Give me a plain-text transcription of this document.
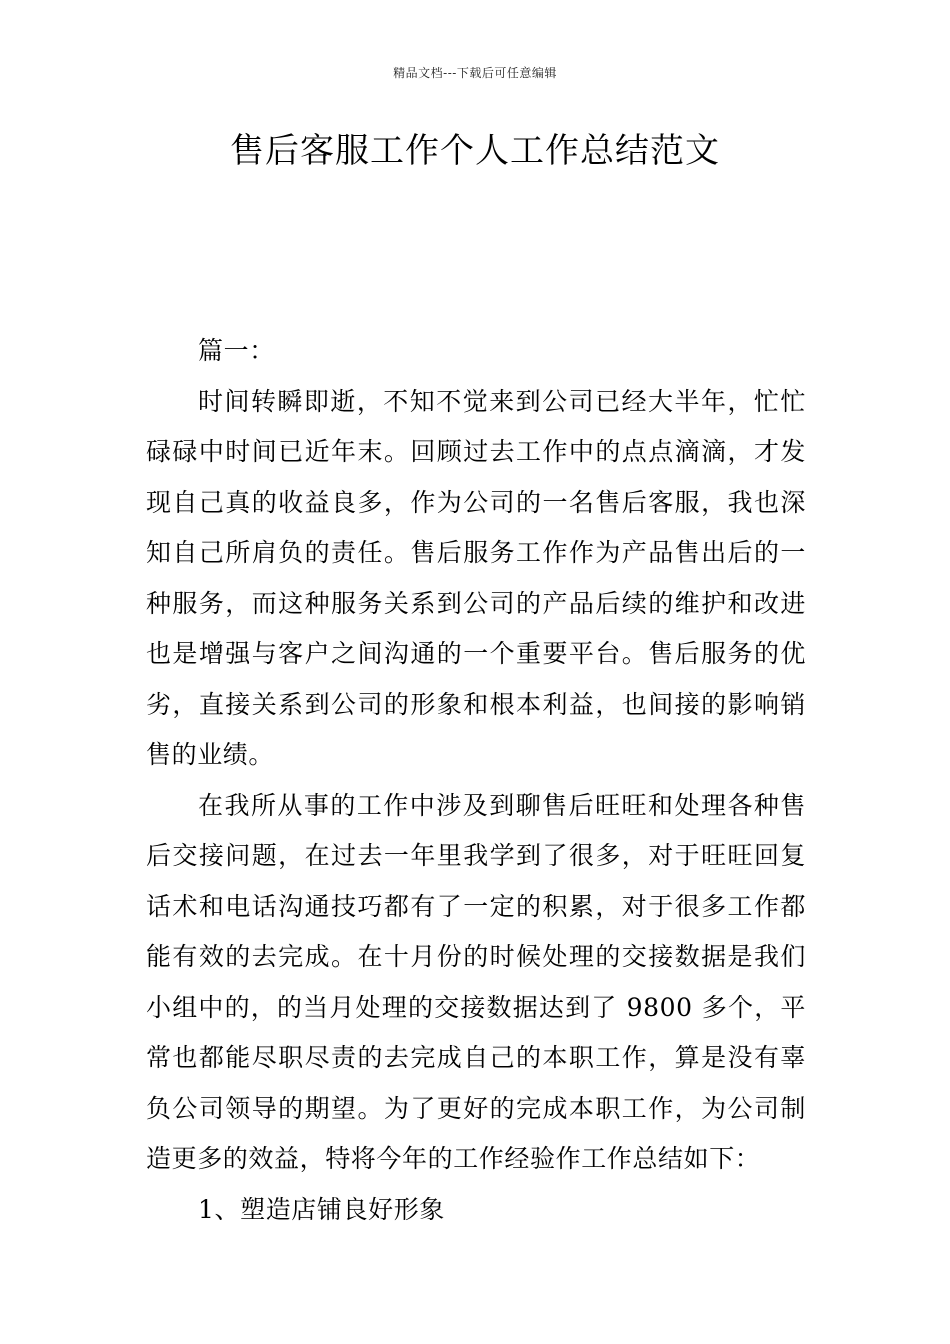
精品文档---下载后可任意编辑
售后客服工作个人工作总结范文

篇一：

时间转瞬即逝，不知不觉来到公司已经大半年，忙忙碌碌中时间已近年末。回顾过去工作中的点点滴滴，才发现自己真的收益良多，作为公司的一名售后客服，我也深知自己所肩负的责任。售后服务工作作为产品售出后的一种服务，而这种服务关系到公司的产品后续的维护和改进也是增强与客户之间沟通的一个重要平台。售后服务的优劣，直接关系到公司的形象和根本利益，也间接的影响销售的业绩。

在我所从事的工作中涉及到聊售后旺旺和处理各种售后交接问题，在过去一年里我学到了很多，对于旺旺回复话术和电话沟通技巧都有了一定的积累，对于很多工作都能有效的去完成。在十月份的时候处理的交接数据是我们小组中的，的当月处理的交接数据达到了 9800 多个，平常也都能尽职尽责的去完成自己的本职工作，算是没有辜负公司领导的期望。为了更好的完成本职工作，为公司制造更多的效益，特将今年的工作经验作工作总结如下：

1、塑造店铺良好形象
